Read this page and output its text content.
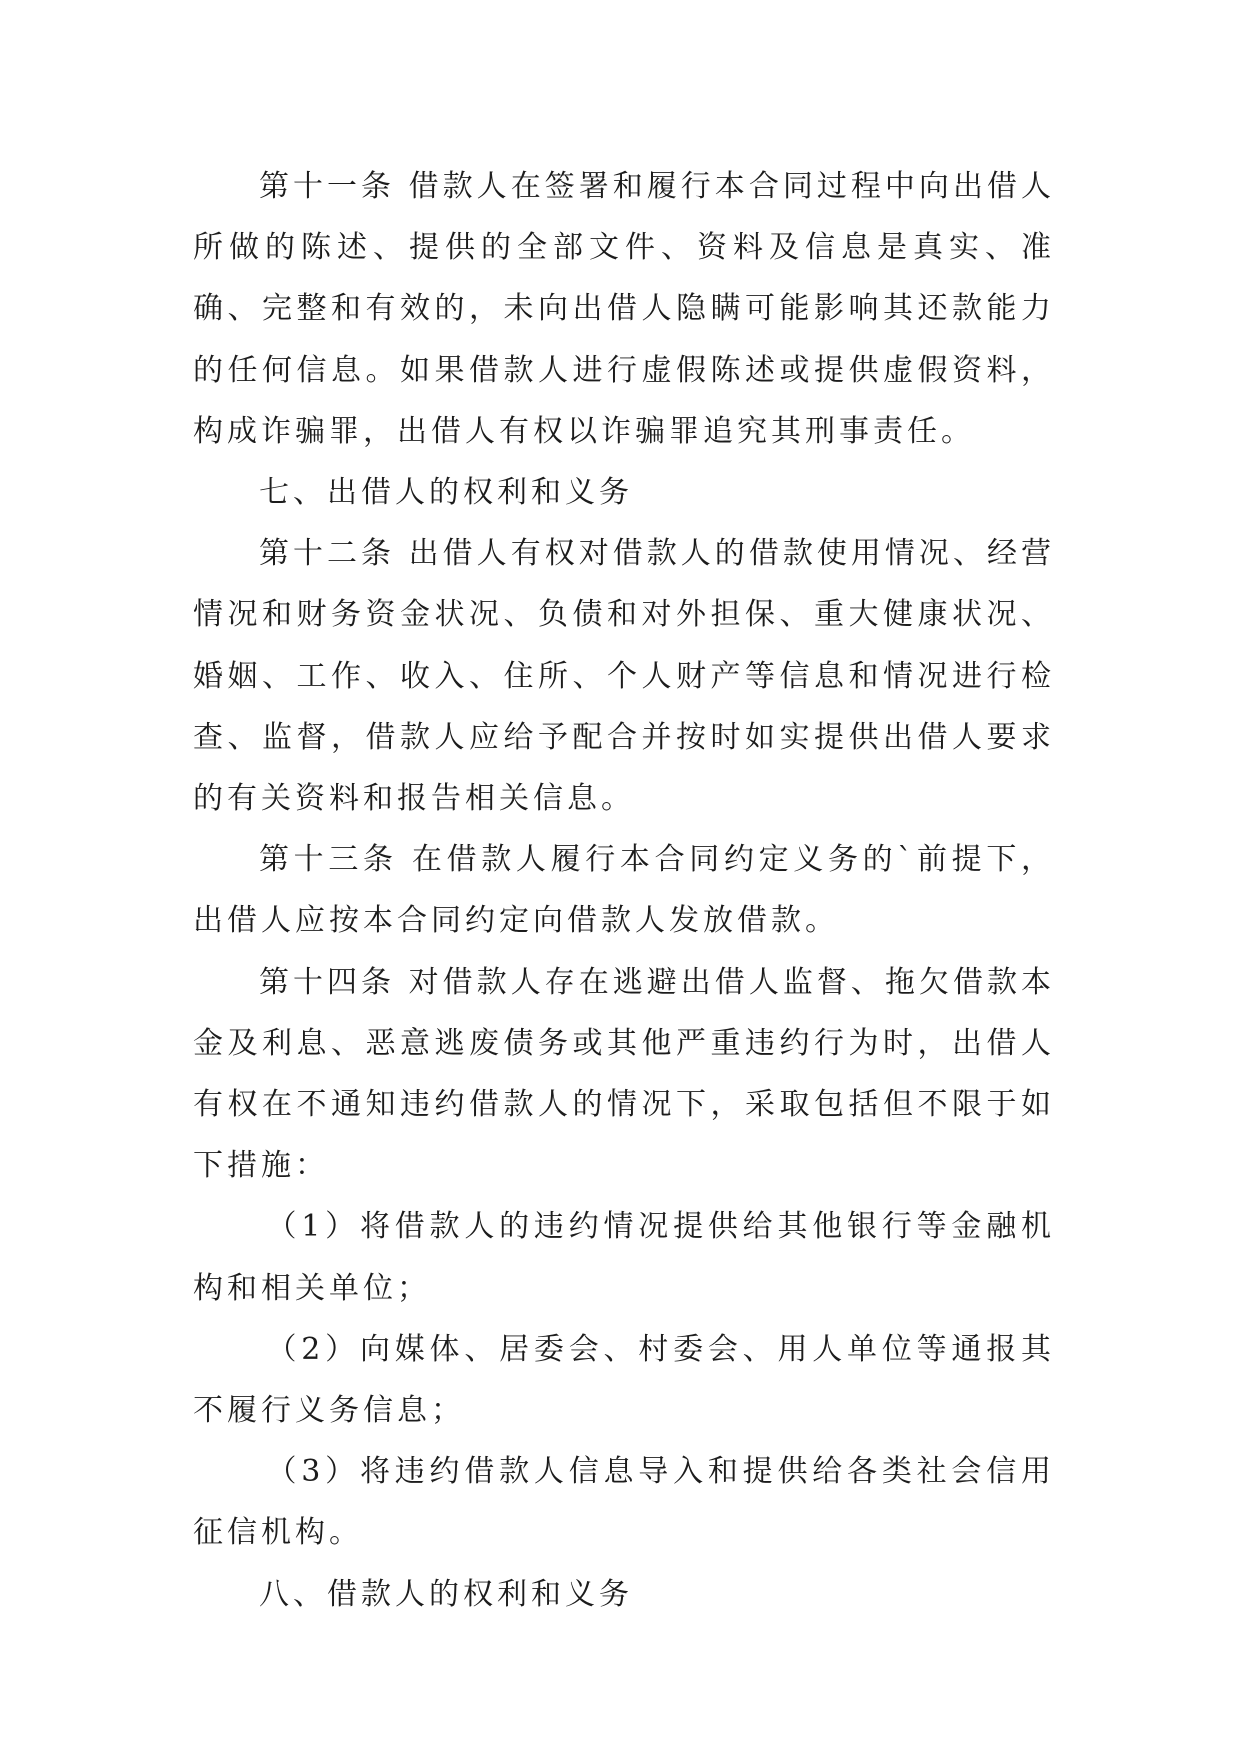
第十一条 借款人在签署和履行本合同过程中向出借人所做的陈述、提供的全部文件、资料及信息是真实、准确、完整和有效的，未向出借人隐瞒可能影响其还款能力的任何信息。如果借款人进行虚假陈述或提供虚假资料，构成诈骗罪，出借人有权以诈骗罪追究其刑事责任。

七、出借人的权利和义务

第十二条 出借人有权对借款人的借款使用情况、经营情况和财务资金状况、负债和对外担保、重大健康状况、婚姻、工作、收入、住所、个人财产等信息和情况进行检查、监督，借款人应给予配合并按时如实提供出借人要求的有关资料和报告相关信息。

第十三条 在借款人履行本合同约定义务的`前提下，出借人应按本合同约定向借款人发放借款。

第十四条 对借款人存在逃避出借人监督、拖欠借款本金及利息、恶意逃废债务或其他严重违约行为时，出借人有权在不通知违约借款人的情况下，采取包括但不限于如下措施：

（1）将借款人的违约情况提供给其他银行等金融机构和相关单位；

（2）向媒体、居委会、村委会、用人单位等通报其不履行义务信息；

（3）将违约借款人信息导入和提供给各类社会信用征信机构。

八、借款人的权利和义务
